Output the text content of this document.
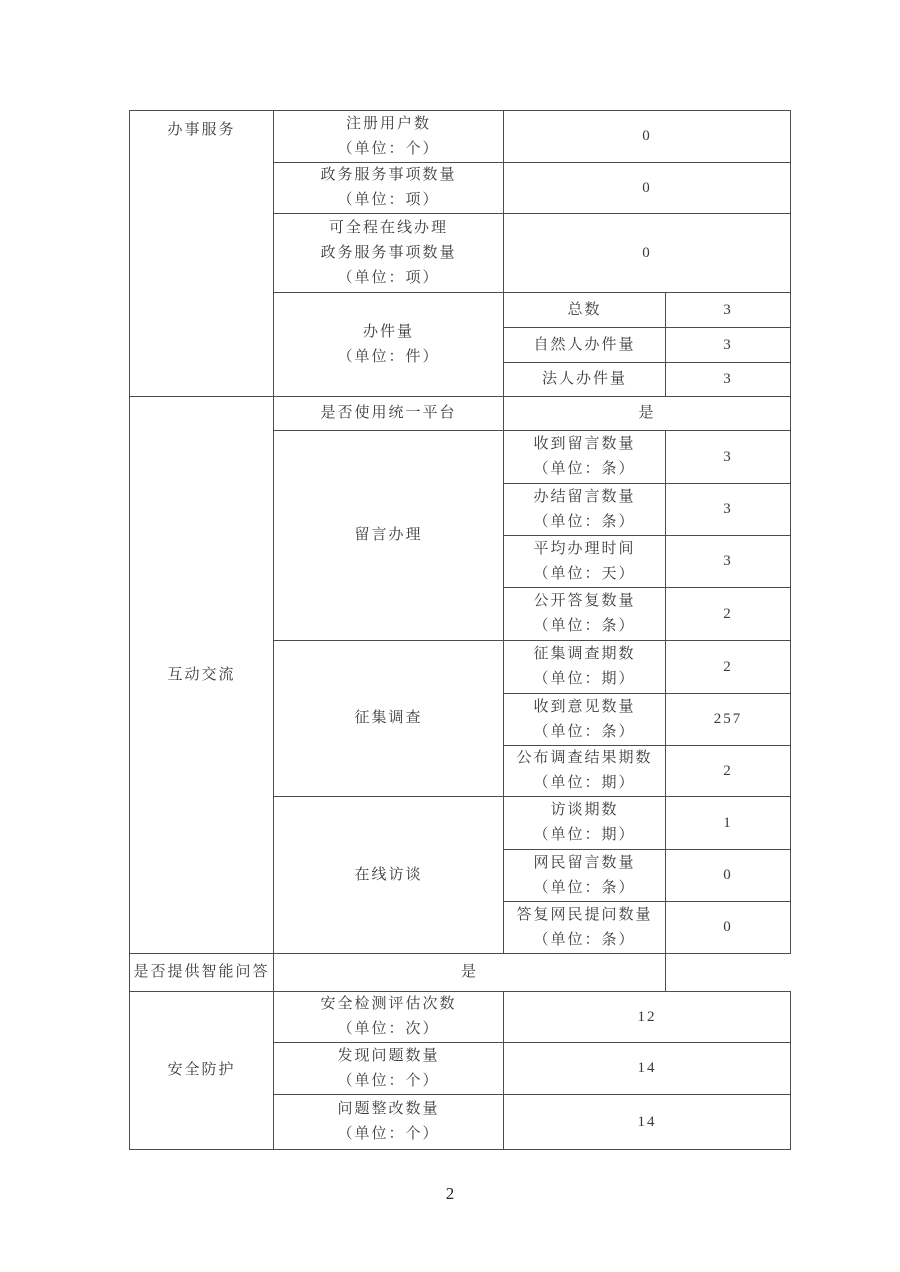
办事服务	注册用户数
（单位：个）	0	

	政务服务事项数量
（单位：项）	0	

	可全程在线办理
政务服务事项数量
（单位：项）	0	

	办件量
（单位：件）	总数	3

		自然人办件量	3

		法人办件量	3
互动交流	是否使用统一平台	是	

	留言办理	收到留言数量
（单位：条）	3

		办结留言数量
（单位：条）	3

		平均办理时间
（单位：天）	3

		公开答复数量
（单位：条）	2

	征集调查	征集调查期数
（单位：期）	2

		收到意见数量
（单位：条）	257

		公布调查结果期数
（单位：期）	2

	在线访谈	访谈期数
（单位：期）	1

		网民留言数量
（单位：条）	0

		答复网民提问数量
（单位：条）	0

是否提供智能问答	是		
安全防护	安全检测评估次数
（单位：次）	12	

	发现问题数量
（单位：个）	14	

	问题整改数量
（单位：个）	14	
2
